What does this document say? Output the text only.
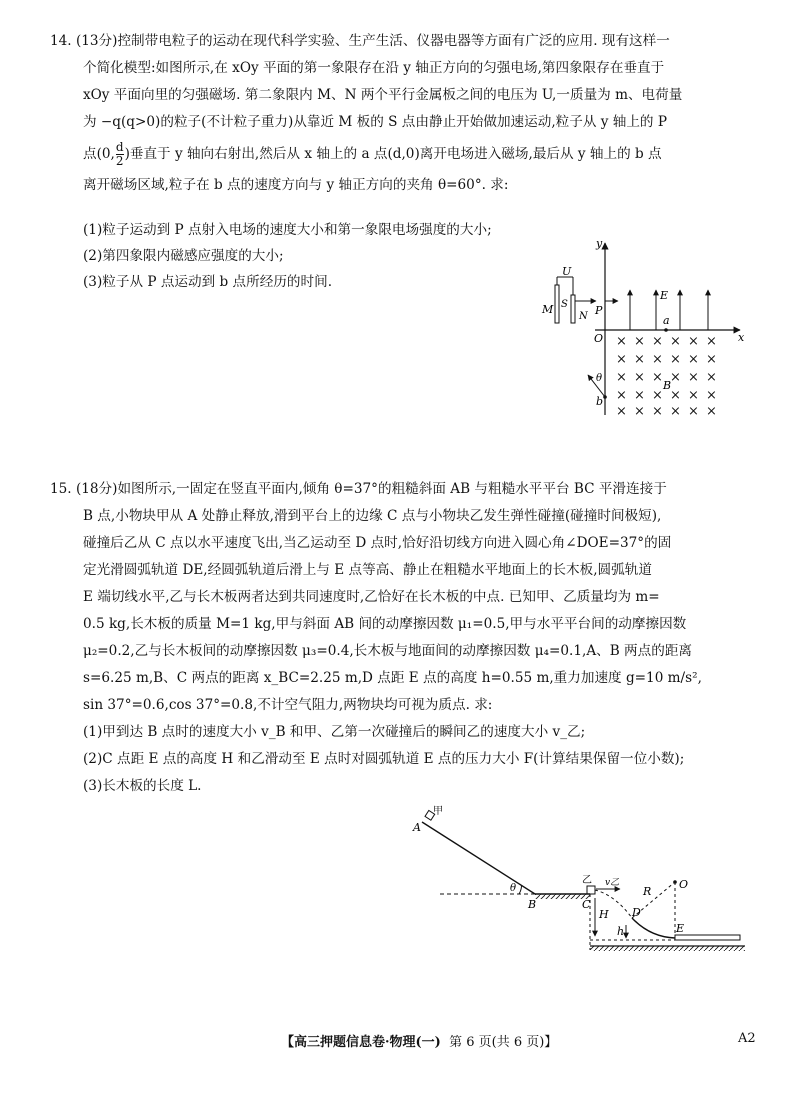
14. (13分)控制带电粒子的运动在现代科学实验、生产生活、仪器电器等方面有广泛的应用. 现有这样一
个简化模型:如图所示,在 xOy 平面的第一象限存在沿 y 轴正方向的匀强电场,第四象限存在垂直于
xOy 平面向里的匀强磁场. 第二象限内 M、N 两个平行金属板之间的电压为 U,一质量为 m、电荷量
为 −q(q>0)的粒子(不计粒子重力)从靠近 M 板的 S 点由静止开始做加速运动,粒子从 y 轴上的 P
点(0, $\frac{d}{2}$ )垂直于 y 轴向右射出,然后从 x 轴上的 a 点(d,0)离开电场进入磁场,最后从 y 轴上的 b 点
离开磁场区域,粒子在 b 点的速度方向与 y 轴正方向的夹角 θ=60°. 求:
(1)粒子运动到 P 点射入电场的速度大小和第一象限电场强度的大小;
(2)第四象限内磁感应强度的大小;
(3)粒子从 P 点运动到 b 点所经历的时间.
y
x
O
U
M S
N P
E
a
× × × × × ×
× × × × × ×
× × × × × ×
× × × × × ×
× × × × × ×
B
θ
b
15. (18分)如图所示,一固定在竖直平面内,倾角 θ=37°的粗糙斜面 AB 与粗糙水平平台 BC 平滑连接于
B 点,小物块甲从 A 处静止释放,滑到平台上的边缘 C 点与小物块乙发生弹性碰撞(碰撞时间极短),
碰撞后乙从 C 点以水平速度飞出,当乙运动至 D 点时,恰好沿切线方向进入圆心角∠DOE=37°的固
定光滑圆弧轨道 DE,经圆弧轨道后滑上与 E 点等高、静止在粗糙水平地面上的长木板,圆弧轨道
E 端切线水平,乙与长木板两者达到共同速度时,乙恰好在长木板的中点. 已知甲、乙质量均为 m=
0.5 kg,长木板的质量 M=1 kg,甲与斜面 AB 间的动摩擦因数 μ₁=0.5,甲与水平平台间的动摩擦因数
μ₂=0.2,乙与长木板间的动摩擦因数 μ₃=0.4,长木板与地面间的动摩擦因数 μ₄=0.1,A、B 两点的距离
s=6.25 m,B、C 两点的距离 x_BC=2.25 m,D 点距 E 点的高度 h=0.55 m,重力加速度 g=10 m/s²,
sin 37°=0.6,cos 37°=0.8,不计空气阻力,两物块均可视为质点. 求:
(1)甲到达 B 点时的速度大小 v_B 和甲、乙第一次碰撞后的瞬间乙的速度大小 v_乙;
(2)C 点距 E 点的高度 H 和乙滑动至 E 点时对圆弧轨道 E 点的压力大小 F(计算结果保留一位小数);
(3)长木板的长度 L.
θ
A
甲
B	C
乙 v乙
H D
h
R
O
E
【高三押题信息卷·物理(一) 第 6 页(共 6 页)】	A2
